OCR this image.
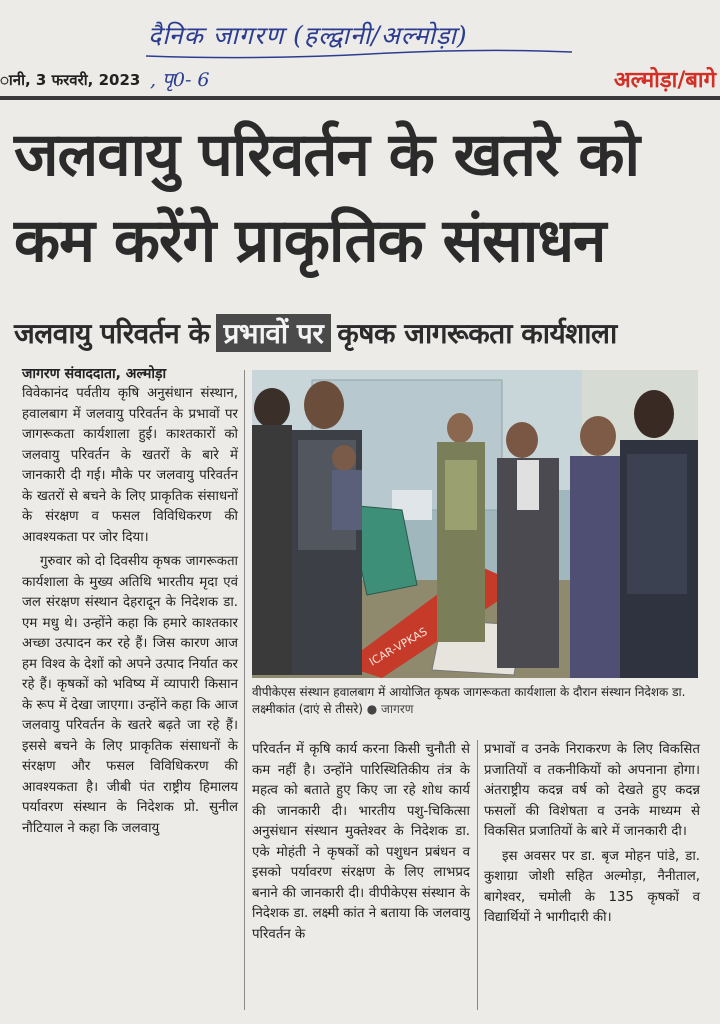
दैनिक जागरण (हल्द्वानी/अल्मोड़ा)
ानी, 3 फरवरी, 2023 , पृ0- 6	अल्मोड़ा/बागे
जलवायु परिवर्तन के खतरे को
कम करेंगे प्राकृतिक संसाधन
जलवायु परिवर्तन के प्रभावों पर कृषक जागरूकता कार्यशाला
जागरण संवाददाता, अल्मोड़ा

विवेकानंद पर्वतीय कृषि अनुसंधान संस्थान, हवालबाग में जलवायु परिवर्तन के प्रभावों पर जागरूकता कार्यशाला हुई। काश्तकारों को जलवायु परिवर्तन के खतरों के बारे में जानकारी दी गई। मौके पर जलवायु परिवर्तन के खतरों से बचने के लिए प्राकृतिक संसाधनों के संरक्षण व फसल विविधिकरण की आवश्यकता पर जोर दिया।

गुरुवार को दो दिवसीय कृषक जागरूकता कार्यशाला के मुख्य अतिथि भारतीय मृदा एवं जल संरक्षण संस्थान देहरादून के निदेशक डा. एम मधु थे। उन्होंने कहा कि हमारे काश्तकार अच्छा उत्पादन कर रहे हैं। जिस कारण आज हम विश्व के देशों को अपने उत्पाद निर्यात कर रहे हैं। कृषकों को भविष्य में व्यापारी किसान के रूप में देखा जाएगा। उन्होंने कहा कि आज जलवायु परिवर्तन के खतरे बढ़ते जा रहे हैं। इससे बचने के लिए प्राकृतिक संसाधनों के संरक्षण और फसल विविधिकरण की आवश्यकता है। जीबी पंत राष्ट्रीय हिमालय पर्यावरण संस्थान के निदेशक प्रो. सुनील नौटियाल ने कहा कि जलवायु

ICAR-VPKAS
वीपीकेएस संस्थान हवालबाग में आयोजित कृषक जागरूकता कार्यशाला के दौरान संस्थान निदेशक डा. लक्ष्मीकांत (दाएं से तीसरे) ● जागरण

परिवर्तन में कृषि कार्य करना किसी चुनौती से कम नहीं है। उन्होंने पारिस्थितिकीय तंत्र के महत्व को बताते हुए किए जा रहे शोध कार्य की जानकारी दी। भारतीय पशु-चिकित्सा अनुसंधान संस्थान मुक्तेश्वर के निदेशक डा. एके मोहंती ने कृषकों को पशुधन प्रबंधन व इसको पर्यावरण संरक्षण के लिए लाभप्रद बनाने की जानकारी दी। वीपीकेएस संस्थान के निदेशक डा. लक्ष्मी कांत ने बताया कि जलवायु परिवर्तन के

प्रभावों व उनके निराकरण के लिए विकसित प्रजातियों व तकनीकियों को अपनाना होगा। अंतराष्ट्रीय कदन्न वर्ष को देखते हुए कदन्न फसलों की विशेषता व उनके माध्यम से विकसित प्रजातियों के बारे में जानकारी दी।

इस अवसर पर डा. बृज मोहन पांडे, डा. कुशाग्रा जोशी सहित अल्मोड़ा, नैनीताल, बागेश्वर, चमोली के 135 कृषकों व विद्यार्थियों ने भागीदारी की।
